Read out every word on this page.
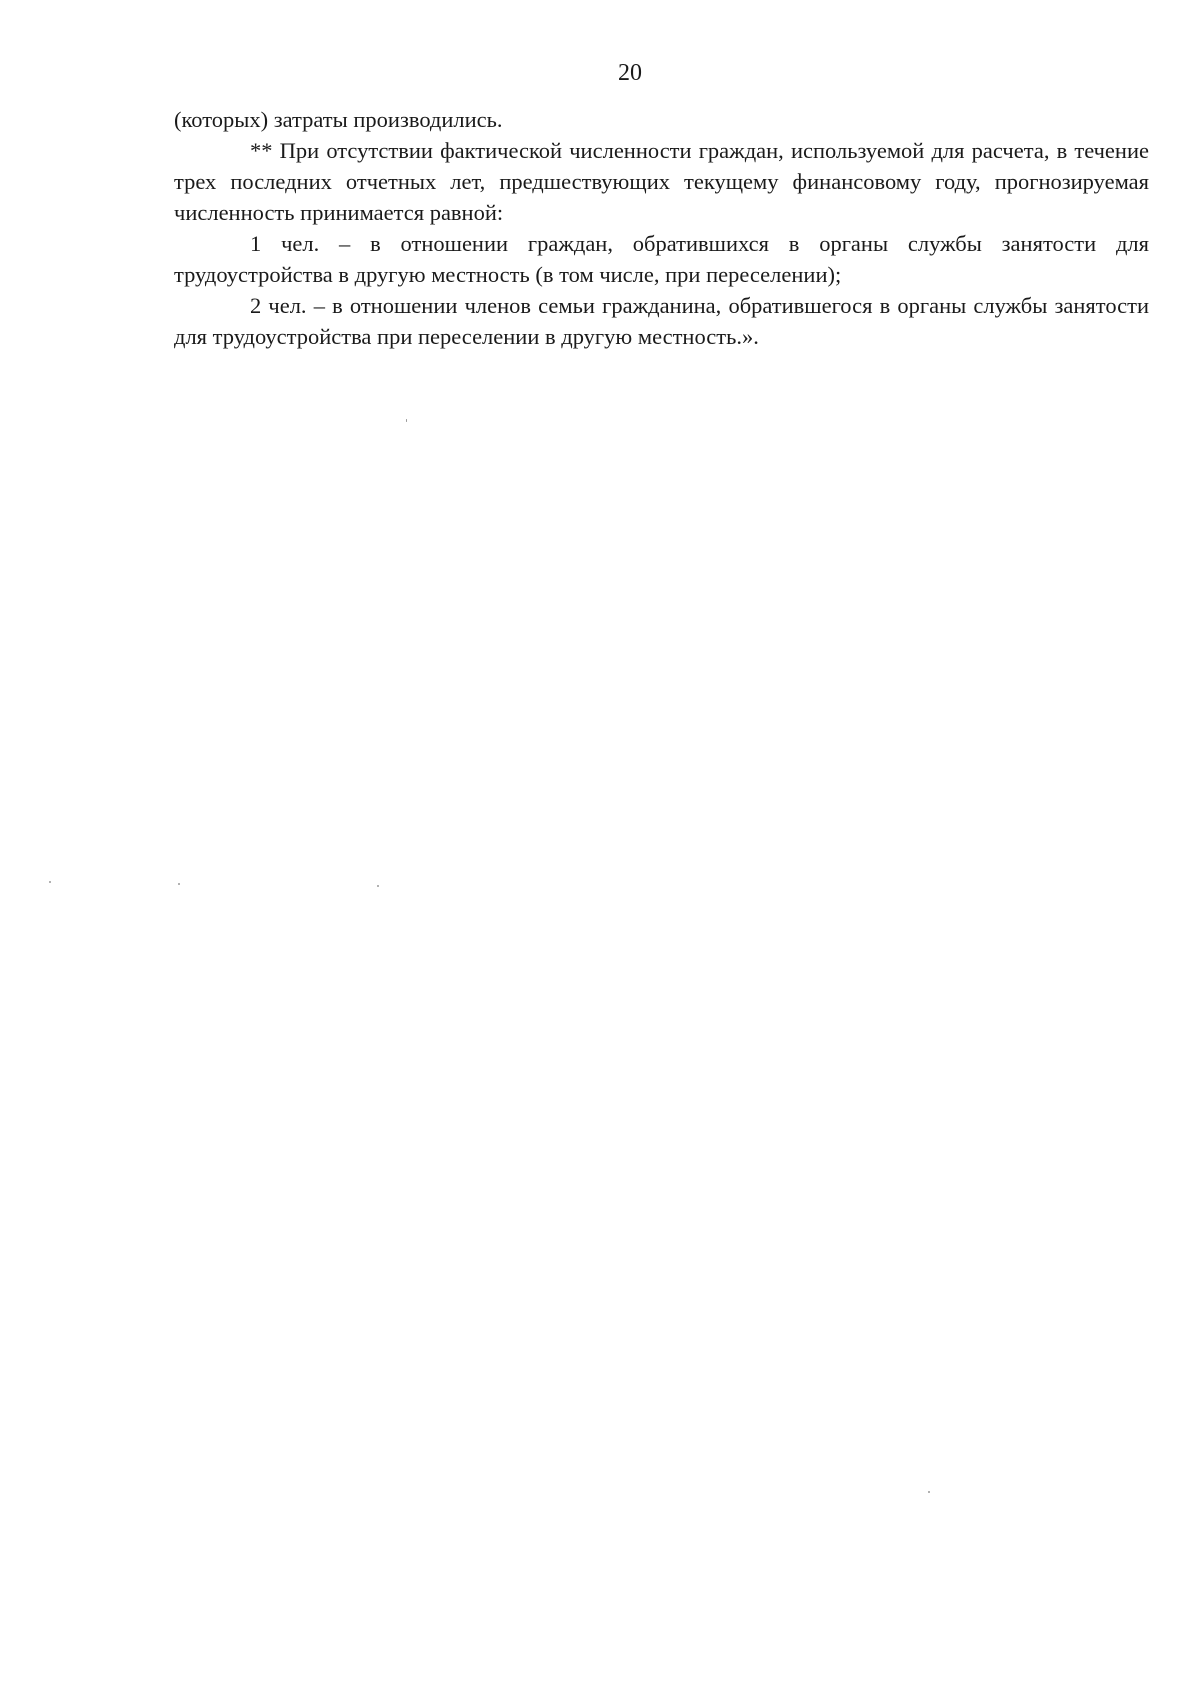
20

(которых) затраты производились.

** При отсутствии фактической численности граждан, используемой для расчета, в течение трех последних отчетных лет, предшествующих текущему финансовому году, прогнозируемая численность принимается равной:

1 чел. – в отношении граждан, обратившихся в органы службы занятости для трудоустройства в другую местность (в том числе, при переселении);

2 чел. – в отношении членов семьи гражданина, обратившегося в органы службы занятости для трудоустройства при переселении в другую местность.».
